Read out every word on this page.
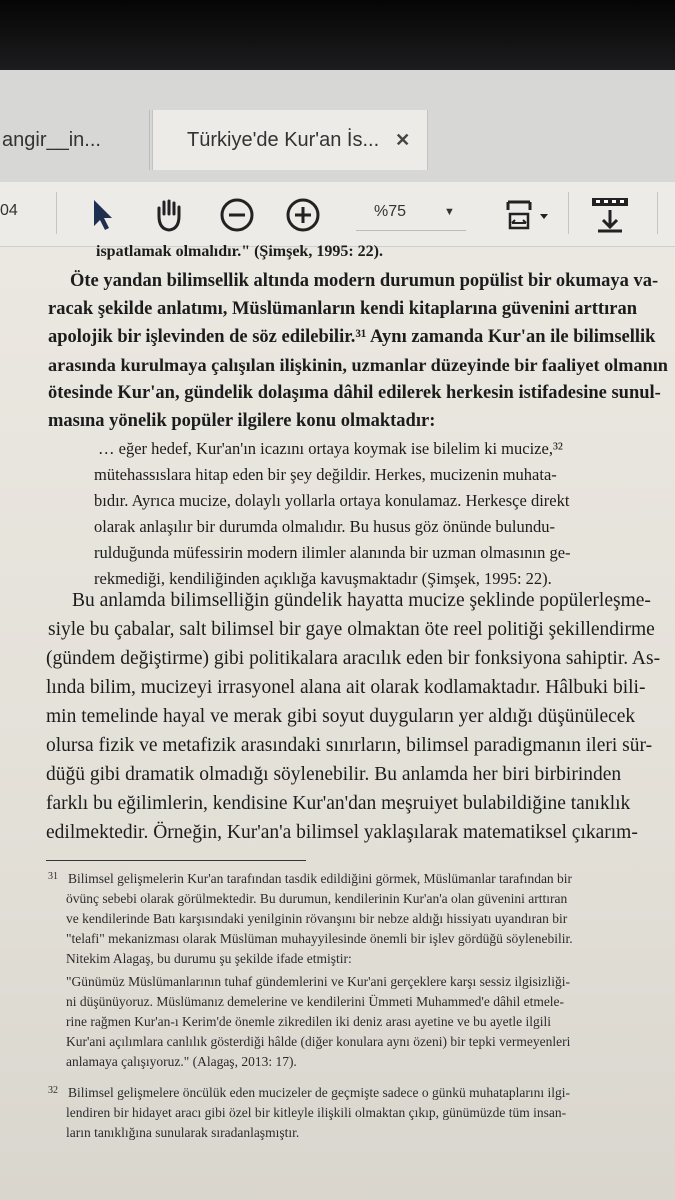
angir__in...	Türkiye'de Kur'an İs... ✕
04	%75	▼
ispatlamak olmalıdır." (Şimşek, 1995: 22).
Öte yandan bilimsellik altında modern durumun popülist bir okumaya va-
racak şekilde anlatımı, Müslümanların kendi kitaplarına güvenini arttıran
apolojik bir işlevinden de söz edilebilir.³¹ Aynı zamanda Kur'an ile bilimsellik
arasında kurulmaya çalışılan ilişkinin, uzmanlar düzeyinde bir faaliyet olmanın
ötesinde Kur'an, gündelik dolaşıma dâhil edilerek herkesin istifadesine sunul-
masına yönelik popüler ilgilere konu olmaktadır:
… eğer hedef, Kur'an'ın icazını ortaya koymak ise bilelim ki mucize,³²
mütehassıslara hitap eden bir şey değildir. Herkes, mucizenin muhata-
bıdır. Ayrıca mucize, dolaylı yollarla ortaya konulamaz. Herkesçe direkt
olarak anlaşılır bir durumda olmalıdır. Bu husus göz önünde bulundu-
rulduğunda müfessirin modern ilimler alanında bir uzman olmasının ge-
rekmediği, kendiliğinden açıklığa kavuşmaktadır (Şimşek, 1995: 22).
Bu anlamda bilimselliğin gündelik hayatta mucize şeklinde popülerleşme-
siyle bu çabalar, salt bilimsel bir gaye olmaktan öte reel politiği şekillendirme
(gündem değiştirme) gibi politikalara aracılık eden bir fonksiyona sahiptir. As-
lında bilim, mucizeyi irrasyonel alana ait olarak kodlamaktadır. Hâlbuki bili-
min temelinde hayal ve merak gibi soyut duyguların yer aldığı düşünülecek
olursa fizik ve metafizik arasındaki sınırların, bilimsel paradigmanın ileri sür-
düğü gibi dramatik olmadığı söylenebilir. Bu anlamda her biri birbirinden
farklı bu eğilimlerin, kendisine Kur'an'dan meşruiyet bulabildiğine tanıklık
edilmektedir. Örneğin, Kur'an'a bilimsel yaklaşılarak matematiksel çıkarım-
31 Bilimsel gelişmelerin Kur'an tarafından tasdik edildiğini görmek, Müslümanlar tarafından bir
övünç sebebi olarak görülmektedir. Bu durumun, kendilerinin Kur'an'a olan güvenini arttıran
ve kendilerinde Batı karşısındaki yenilginin rövanşını bir nebze aldığı hissiyatı uyandıran bir
"telafi" mekanizması olarak Müslüman muhayyilesinde önemli bir işlev gördüğü söylenebilir.
Nitekim Alagaş, bu durumu şu şekilde ifade etmiştir:
"Günümüz Müslümanlarının tuhaf gündemlerini ve Kur'ani gerçeklere karşı sessiz ilgisizliği-
ni düşünüyoruz. Müslümanız demelerine ve kendilerini Ümmeti Muhammed'e dâhil etmele-
rine rağmen Kur'an-ı Kerim'de önemle zikredilen iki deniz arası ayetine ve bu ayetle ilgili
Kur'ani açılımlara canlılık gösterdiği hâlde (diğer konulara aynı özeni) bir tepki vermeyenleri
anlamaya çalışıyoruz." (Alagaş, 2013: 17).
32 Bilimsel gelişmelere öncülük eden mucizeler de geçmişte sadece o günkü muhataplarını ilgi-
lendiren bir hidayet aracı gibi özel bir kitleyle ilişkili olmaktan çıkıp, günümüzde tüm insan-
ların tanıklığına sunularak sıradanlaşmıştır.
